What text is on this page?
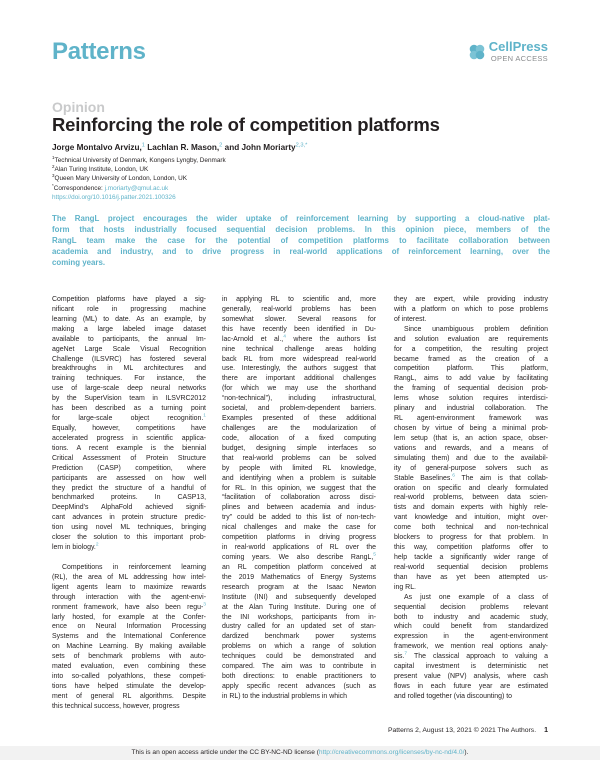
Patterns	CellPress
OPEN ACCESS
Opinion
Reinforcing the role of competition platforms
Jorge Montalvo Arvizu,$^1$ Lachlan R. Mason,$^2$ and John Moriarty$^{2,3,*}$
$^1$Technical University of Denmark, Kongens Lyngby, Denmark
$^2$Alan Turing Institute, London, UK
$^3$Queen Mary University of London, London, UK
*Correspondence: j.moriarty@qmul.ac.uk
https://doi.org/10.1016/j.patter.2021.100326
The RangL project encourages the wider uptake of reinforcement learning by supporting a cloud-native plat-
form that hosts industrially focused sequential decision problems. In this opinion piece, members of the
RangL team make the case for the potential of competition platforms to facilitate collaboration between
academia and industry, and to drive progress in real-world applications of reinforcement learning, over the
coming years.
Competition platforms have played a sig-
nificant role in progressing machine
learning (ML) to date. As an example, by
making a large labeled image dataset
available to participants, the annual Im-
ageNet Large Scale Visual Recognition
Challenge (ILSVRC) has fostered several
breakthroughs in ML architectures and
training techniques. For instance, the
use of large-scale deep neural networks
by the SuperVision team in ILSVRC2012
has been described as a turning point
for large-scale object recognition.$^1$
Equally, however, competitions have
accelerated progress in scientific applica-
tions. A recent example is the biennial
Critical Assessment of Protein Structure
Prediction (CASP) competition, where
participants are assessed on how well
they predict the structure of a handful of
benchmarked proteins. In CASP13,
DeepMind’s AlphaFold achieved signifi-
cant advances in protein structure predic-
tion using novel ML techniques, bringing
closer the solution to this important prob-
lem in biology.$^2$
Competitions in reinforcement learning
(RL), the area of ML addressing how intel-
ligent agents learn to maximize rewards
through interaction with the agent-envi-
ronment framework, have also been regu-$^3$
larly hosted, for example at the Confer-
ence on Neural Information Processing
Systems and the International Conference
on Machine Learning. By making available
sets of benchmark problems with auto-
mated evaluation, even combining these
into so-called polyathlons, these competi-
tions have helped stimulate the develop-
ment of general RL algorithms. Despite
this technical success, however, progress
in applying RL to scientific and, more
generally, real-world problems has been
somewhat slower. Several reasons for
this have recently been identified in Du-
lac-Arnold et al.,$^4$ where the authors list
nine technical challenge areas holding
back RL from more widespread real-world
use. Interestingly, the authors suggest that
there are important additional challenges
(for which we may use the shorthand
“non-technical”), including infrastructural,
societal, and problem-dependent barriers.
Examples presented of these additional
challenges are the modularization of
code, allocation of a fixed computing
budget, designing simple interfaces so
that real-world problems can be solved
by people with limited RL knowledge,
and identifying when a problem is suitable
for RL. In this opinion, we suggest that the
“facilitation of collaboration across disci-
plines and between academia and indus-
try” could be added to this list of non-tech-
nical challenges and make the case for
competition platforms in driving progress
in real-world applications of RL over the
coming years. We also describe RangL,$^5$
an RL competition platform conceived at
the 2019 Mathematics of Energy Systems
research program at the Isaac Newton
Institute (INI) and subsequently developed
at the Alan Turing Institute. During one of
the INI workshops, participants from in-
dustry called for an updated set of stan-
dardized benchmark power systems
problems on which a range of solution
techniques could be demonstrated and
compared. The aim was to contribute in
both directions: to enable practitioners to
apply specific recent advances (such as
in RL) to the industrial problems in which
they are expert, while providing industry
with a platform on which to pose problems
of interest.
Since unambiguous problem definition
and solution evaluation are requirements
for a competition, the resulting project
became framed as the creation of a
competition platform. This platform,
RangL, aims to add value by facilitating
the framing of sequential decision prob-
lems whose solution requires interdisci-
plinary and industrial collaboration. The
RL agent-environment framework was
chosen by virtue of being a minimal prob-
lem setup (that is, an action space, obser-
vations and rewards, and a means of
simulating them) and due to the availabil-
ity of general-purpose solvers such as
Stable Baselines.$^6$ The aim is that collab-
oration on specific and clearly formulated
real-world problems, between data scien-
tists and domain experts with highly rele-
vant knowledge and intuition, might over-
come both technical and non-technical
blockers to progress for that problem. In
this way, competition platforms offer to
help tackle a significantly wider range of
real-world sequential decision problems
than have as yet been attempted us-
ing RL.
As just one example of a class of
sequential decision problems relevant
both to industry and academic study,
which could benefit from standardized
expression in the agent-environment
framework, we mention real options analy-
sis.$^7$ The classical approach to valuing a
capital investment is deterministic net
present value (NPV) analysis, where cash
flows in each future year are estimated
and rolled together (via discounting) to
Patterns 2, August 13, 2021 © 2021 The Authors. 1
This is an open access article under the CC BY-NC-ND license (http://creativecommons.org/licenses/by-nc-nd/4.0/).
